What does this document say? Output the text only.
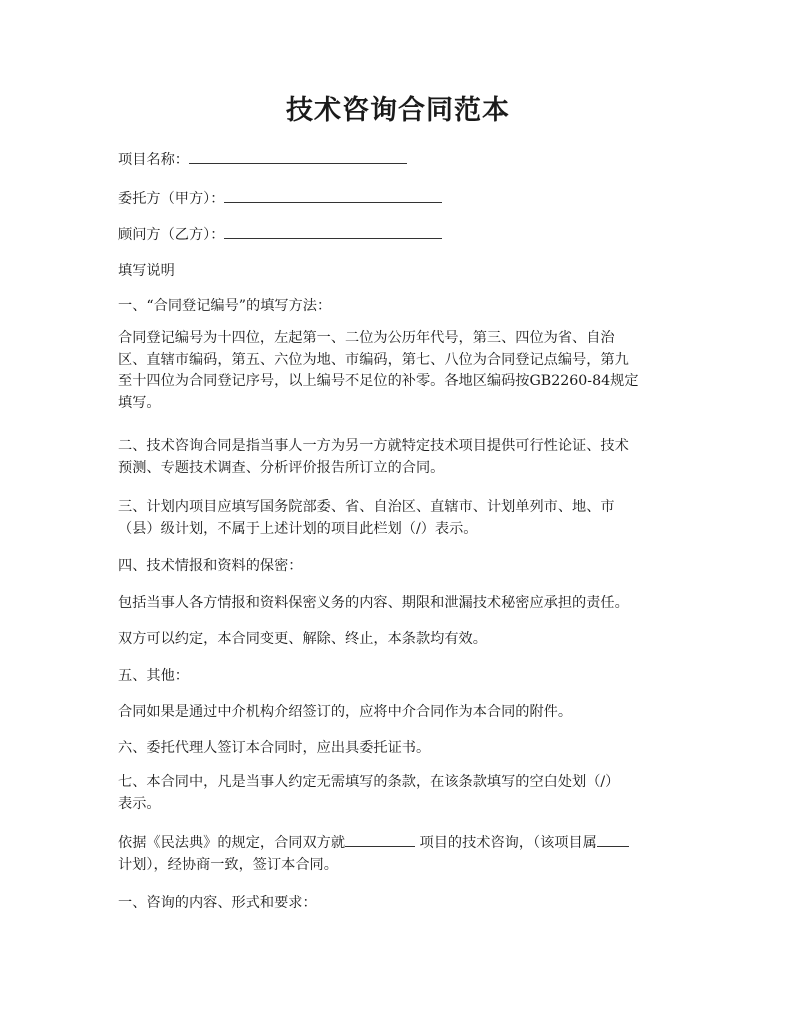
技术咨询合同范本
项目名称：
委托方（甲方）：
顾问方（乙方）：
填写说明
一、“合同登记编号”的填写方法：
合同登记编号为十四位，左起第一、二位为公历年代号，第三、四位为省、自治
区、直辖市编码，第五、六位为地、市编码，第七、八位为合同登记点编号，第九
至十四位为合同登记序号，以上编号不足位的补零。各地区编码按GB2260-84规定
填写。
二、技术咨询合同是指当事人一方为另一方就特定技术项目提供可行性论证、技术
预测、专题技术调查、分析评价报告所订立的合同。
三、计划内项目应填写国务院部委、省、自治区、直辖市、计划单列市、地、市
（县）级计划，不属于上述计划的项目此栏划（/）表示。
四、技术情报和资料的保密：
包括当事人各方情报和资料保密义务的内容、期限和泄漏技术秘密应承担的责任。
双方可以约定，本合同变更、解除、终止，本条款均有效。
五、其他：
合同如果是通过中介机构介绍签订的，应将中介合同作为本合同的附件。
六、委托代理人签订本合同时，应出具委托证书。
七、本合同中，凡是当事人约定无需填写的条款，在该条款填写的空白处划（/）
表示。
依据《民法典》的规定，合同双方就	项目的技术咨询，（该项目属
计划），经协商一致，签订本合同。
一、咨询的内容、形式和要求：
